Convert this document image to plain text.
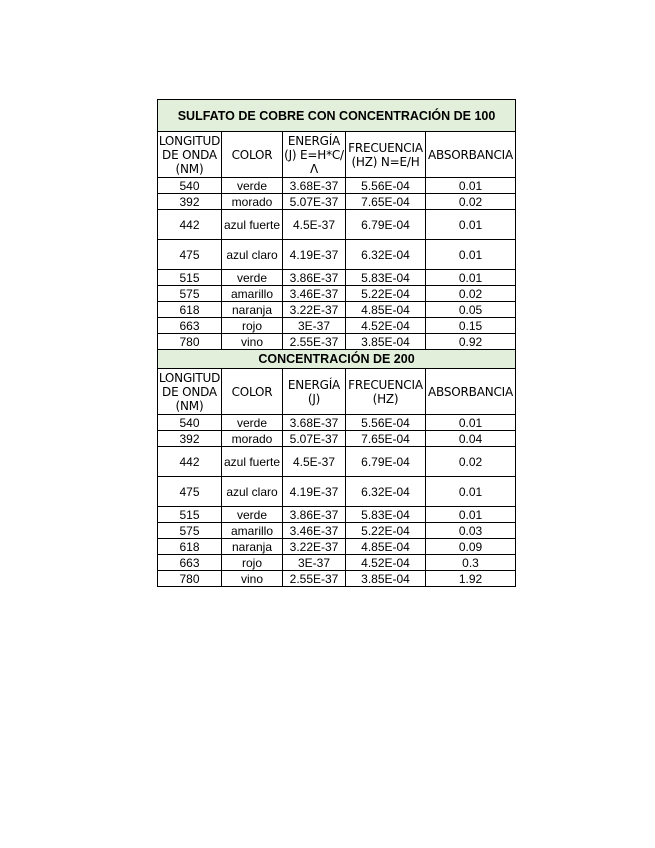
SULFATO DE COBRE CON CONCENTRACIÓN DE 100				
LONGITUD DE ONDA (NM)	COLOR	ENERGÍA (J) E=H*C/Λ	FRECUENCIA (HZ) N=E/H	ABSORBANCIA
540	verde	3.68E-37	5.56E-04	0.01
392	morado	5.07E-37	7.65E-04	0.02
442	azul fuerte	4.5E-37	6.79E-04	0.01
475	azul claro	4.19E-37	6.32E-04	0.01
515	verde	3.86E-37	5.83E-04	0.01
575	amarillo	3.46E-37	5.22E-04	0.02
618	naranja	3.22E-37	4.85E-04	0.05
663	rojo	3E-37	4.52E-04	0.15
780	vino	2.55E-37	3.85E-04	0.92
CONCENTRACIÓN DE 200				
LONGITUD DE ONDA (NM)	COLOR	ENERGÍA (J)	FRECUENCIA (HZ)	ABSORBANCIA
540	verde	3.68E-37	5.56E-04	0.01
392	morado	5.07E-37	7.65E-04	0.04
442	azul fuerte	4.5E-37	6.79E-04	0.02
475	azul claro	4.19E-37	6.32E-04	0.01
515	verde	3.86E-37	5.83E-04	0.01
575	amarillo	3.46E-37	5.22E-04	0.03
618	naranja	3.22E-37	4.85E-04	0.09
663	rojo	3E-37	4.52E-04	0.3
780	vino	2.55E-37	3.85E-04	1.92
